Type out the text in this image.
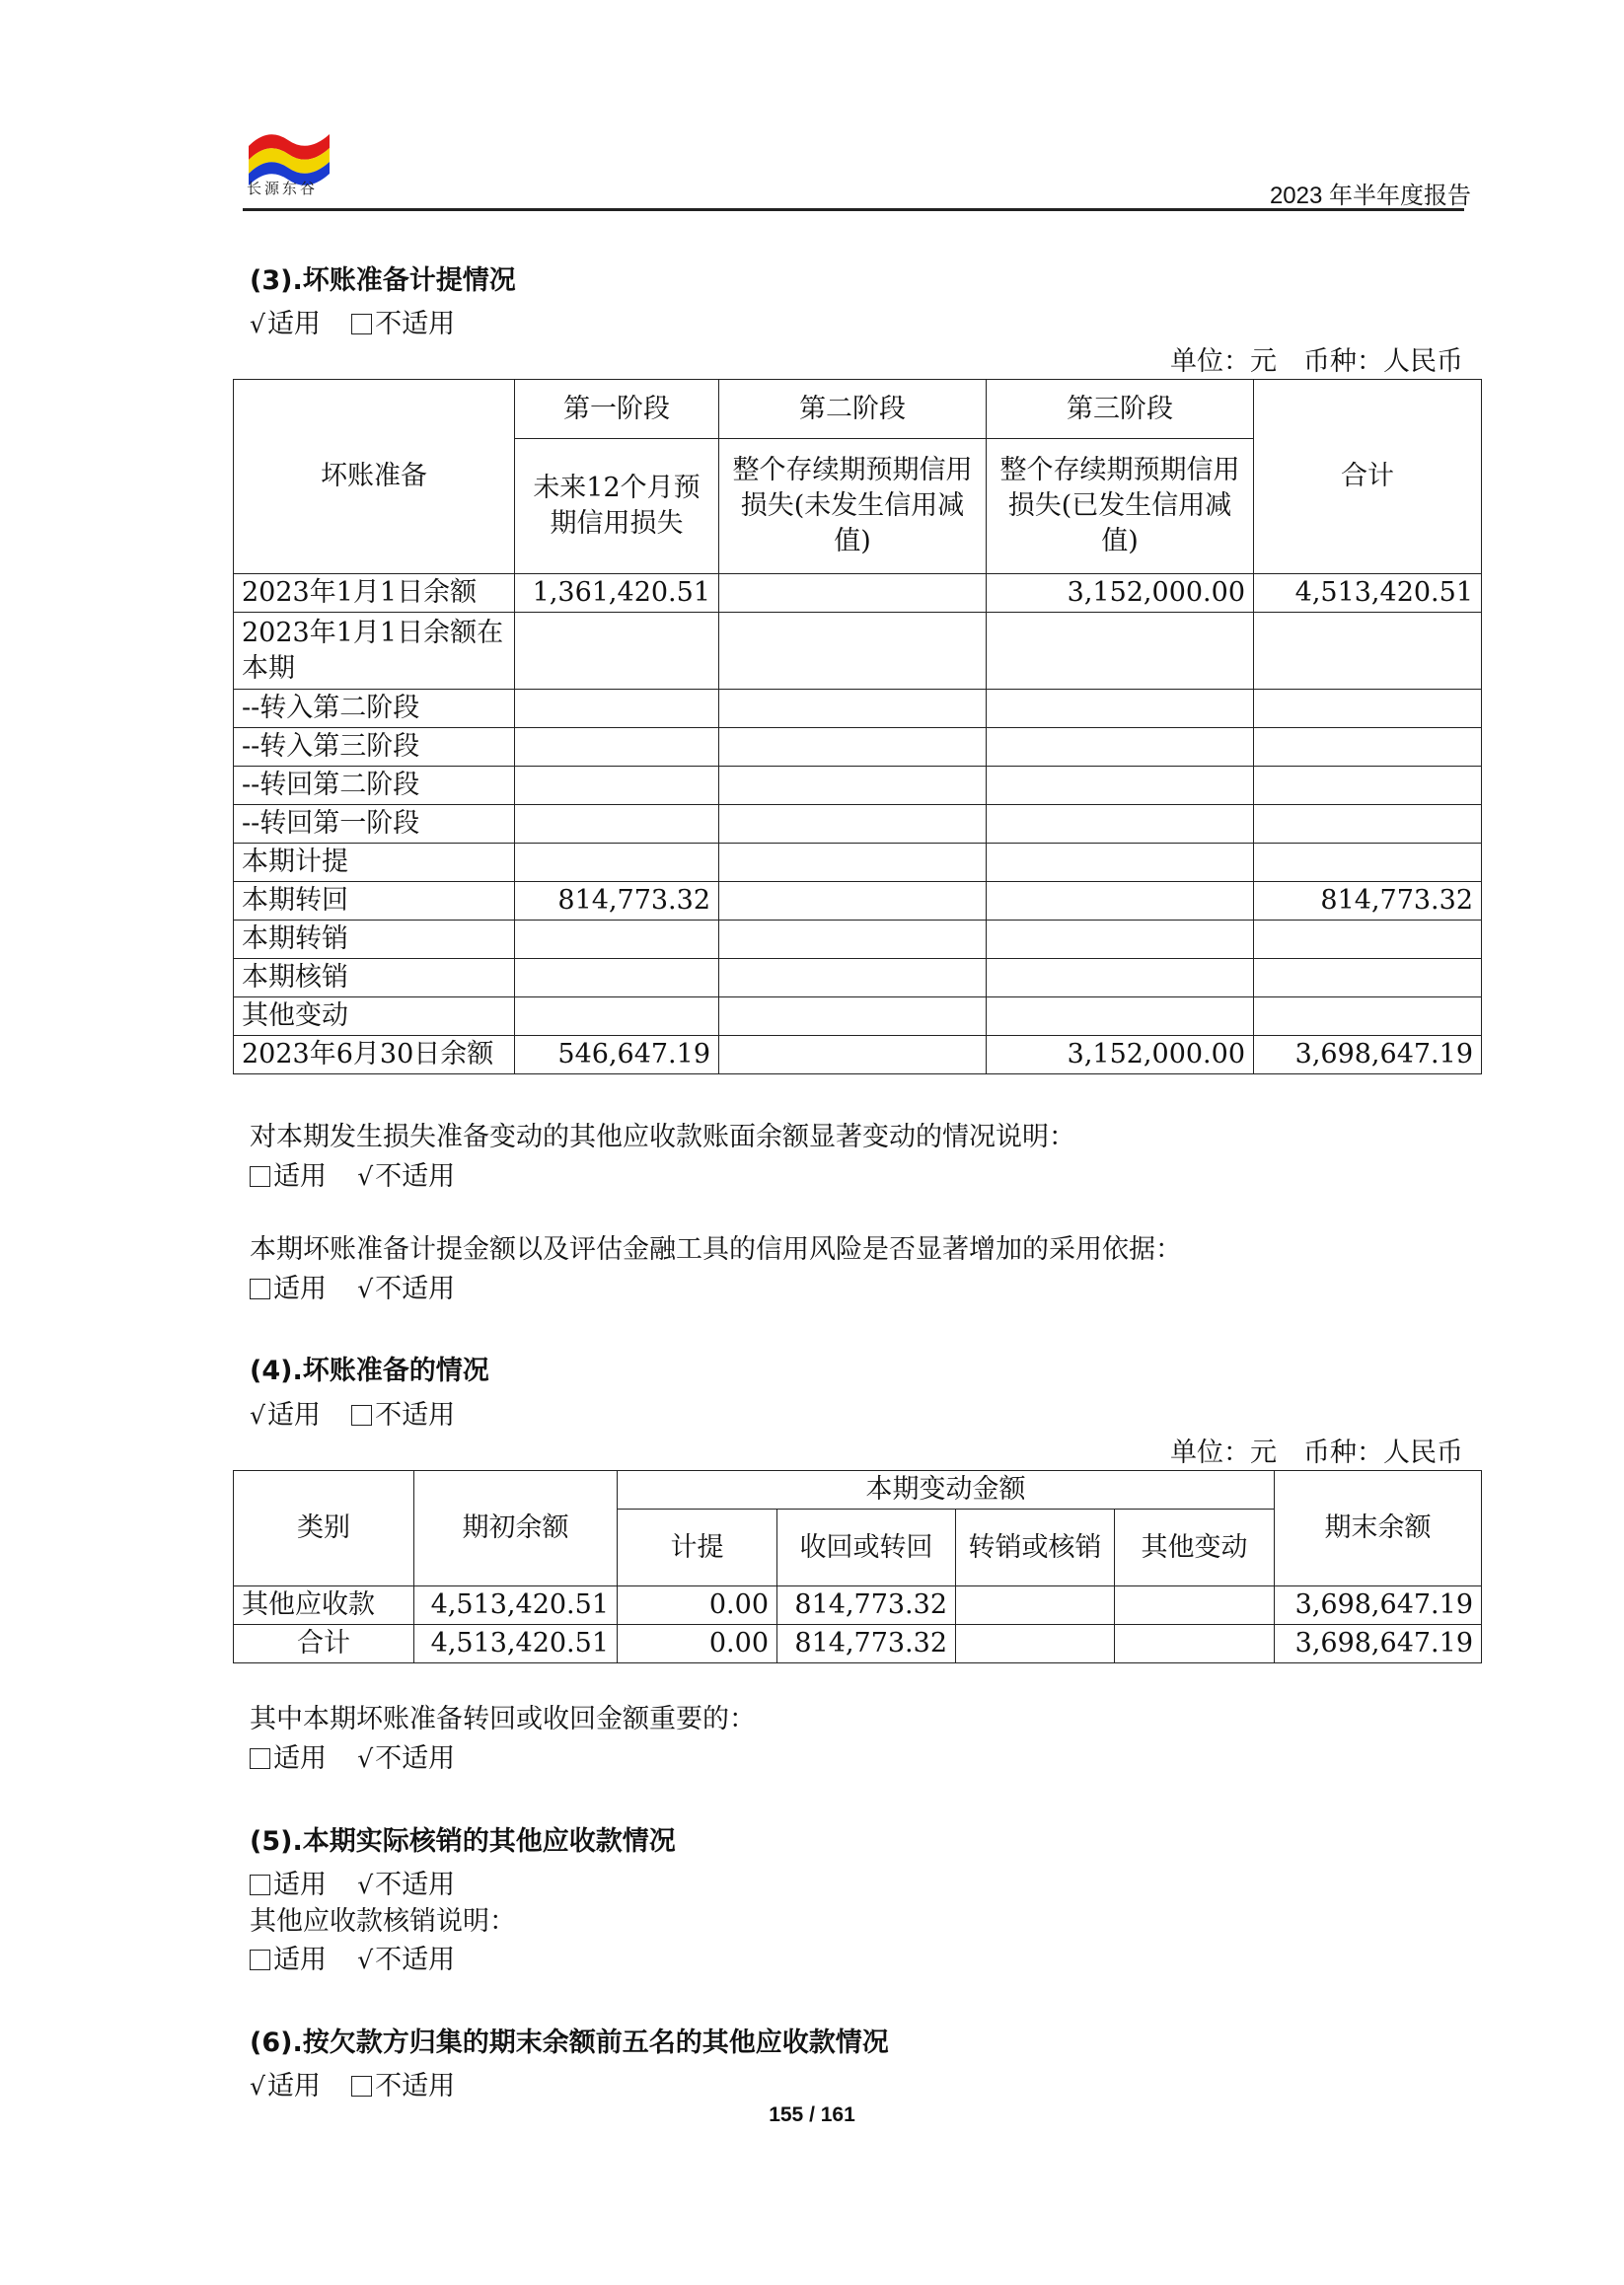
长源东谷	2023 年半年度报告
(3).坏账准备计提情况
√适用 不适用
单位：元　币种：人民币
坏账准备	第一阶段	第二阶段	第三阶段	合计
	未来12个月预期信用损失	整个存续期预期信用损失(未发生信用减值)	整个存续期预期信用损失(已发生信用减值)	
2023年1月1日余额	1,361,420.51		3,152,000.00	4,513,420.51
2023年1月1日余额在本期				
--转入第二阶段				
--转入第三阶段				
--转回第二阶段				
--转回第一阶段				
本期计提				
本期转回	814,773.32			814,773.32
本期转销				
本期核销				
其他变动				
2023年6月30日余额	546,647.19		3,152,000.00	3,698,647.19
对本期发生损失准备变动的其他应收款账面余额显著变动的情况说明：
适用 √不适用
本期坏账准备计提金额以及评估金融工具的信用风险是否显著增加的采用依据：
适用 √不适用
(4).坏账准备的情况
√适用 不适用
单位：元　币种：人民币
类别	期初余额	本期变动金额				期末余额
		计提	收回或转回	转销或核销	其他变动	
其他应收款	4,513,420.51	0.00	814,773.32			3,698,647.19
合计	4,513,420.51	0.00	814,773.32			3,698,647.19
其中本期坏账准备转回或收回金额重要的：
适用 √不适用
(5).本期实际核销的其他应收款情况
适用 √不适用
其他应收款核销说明：
适用 √不适用
(6).按欠款方归集的期末余额前五名的其他应收款情况
√适用 不适用
155 / 161
